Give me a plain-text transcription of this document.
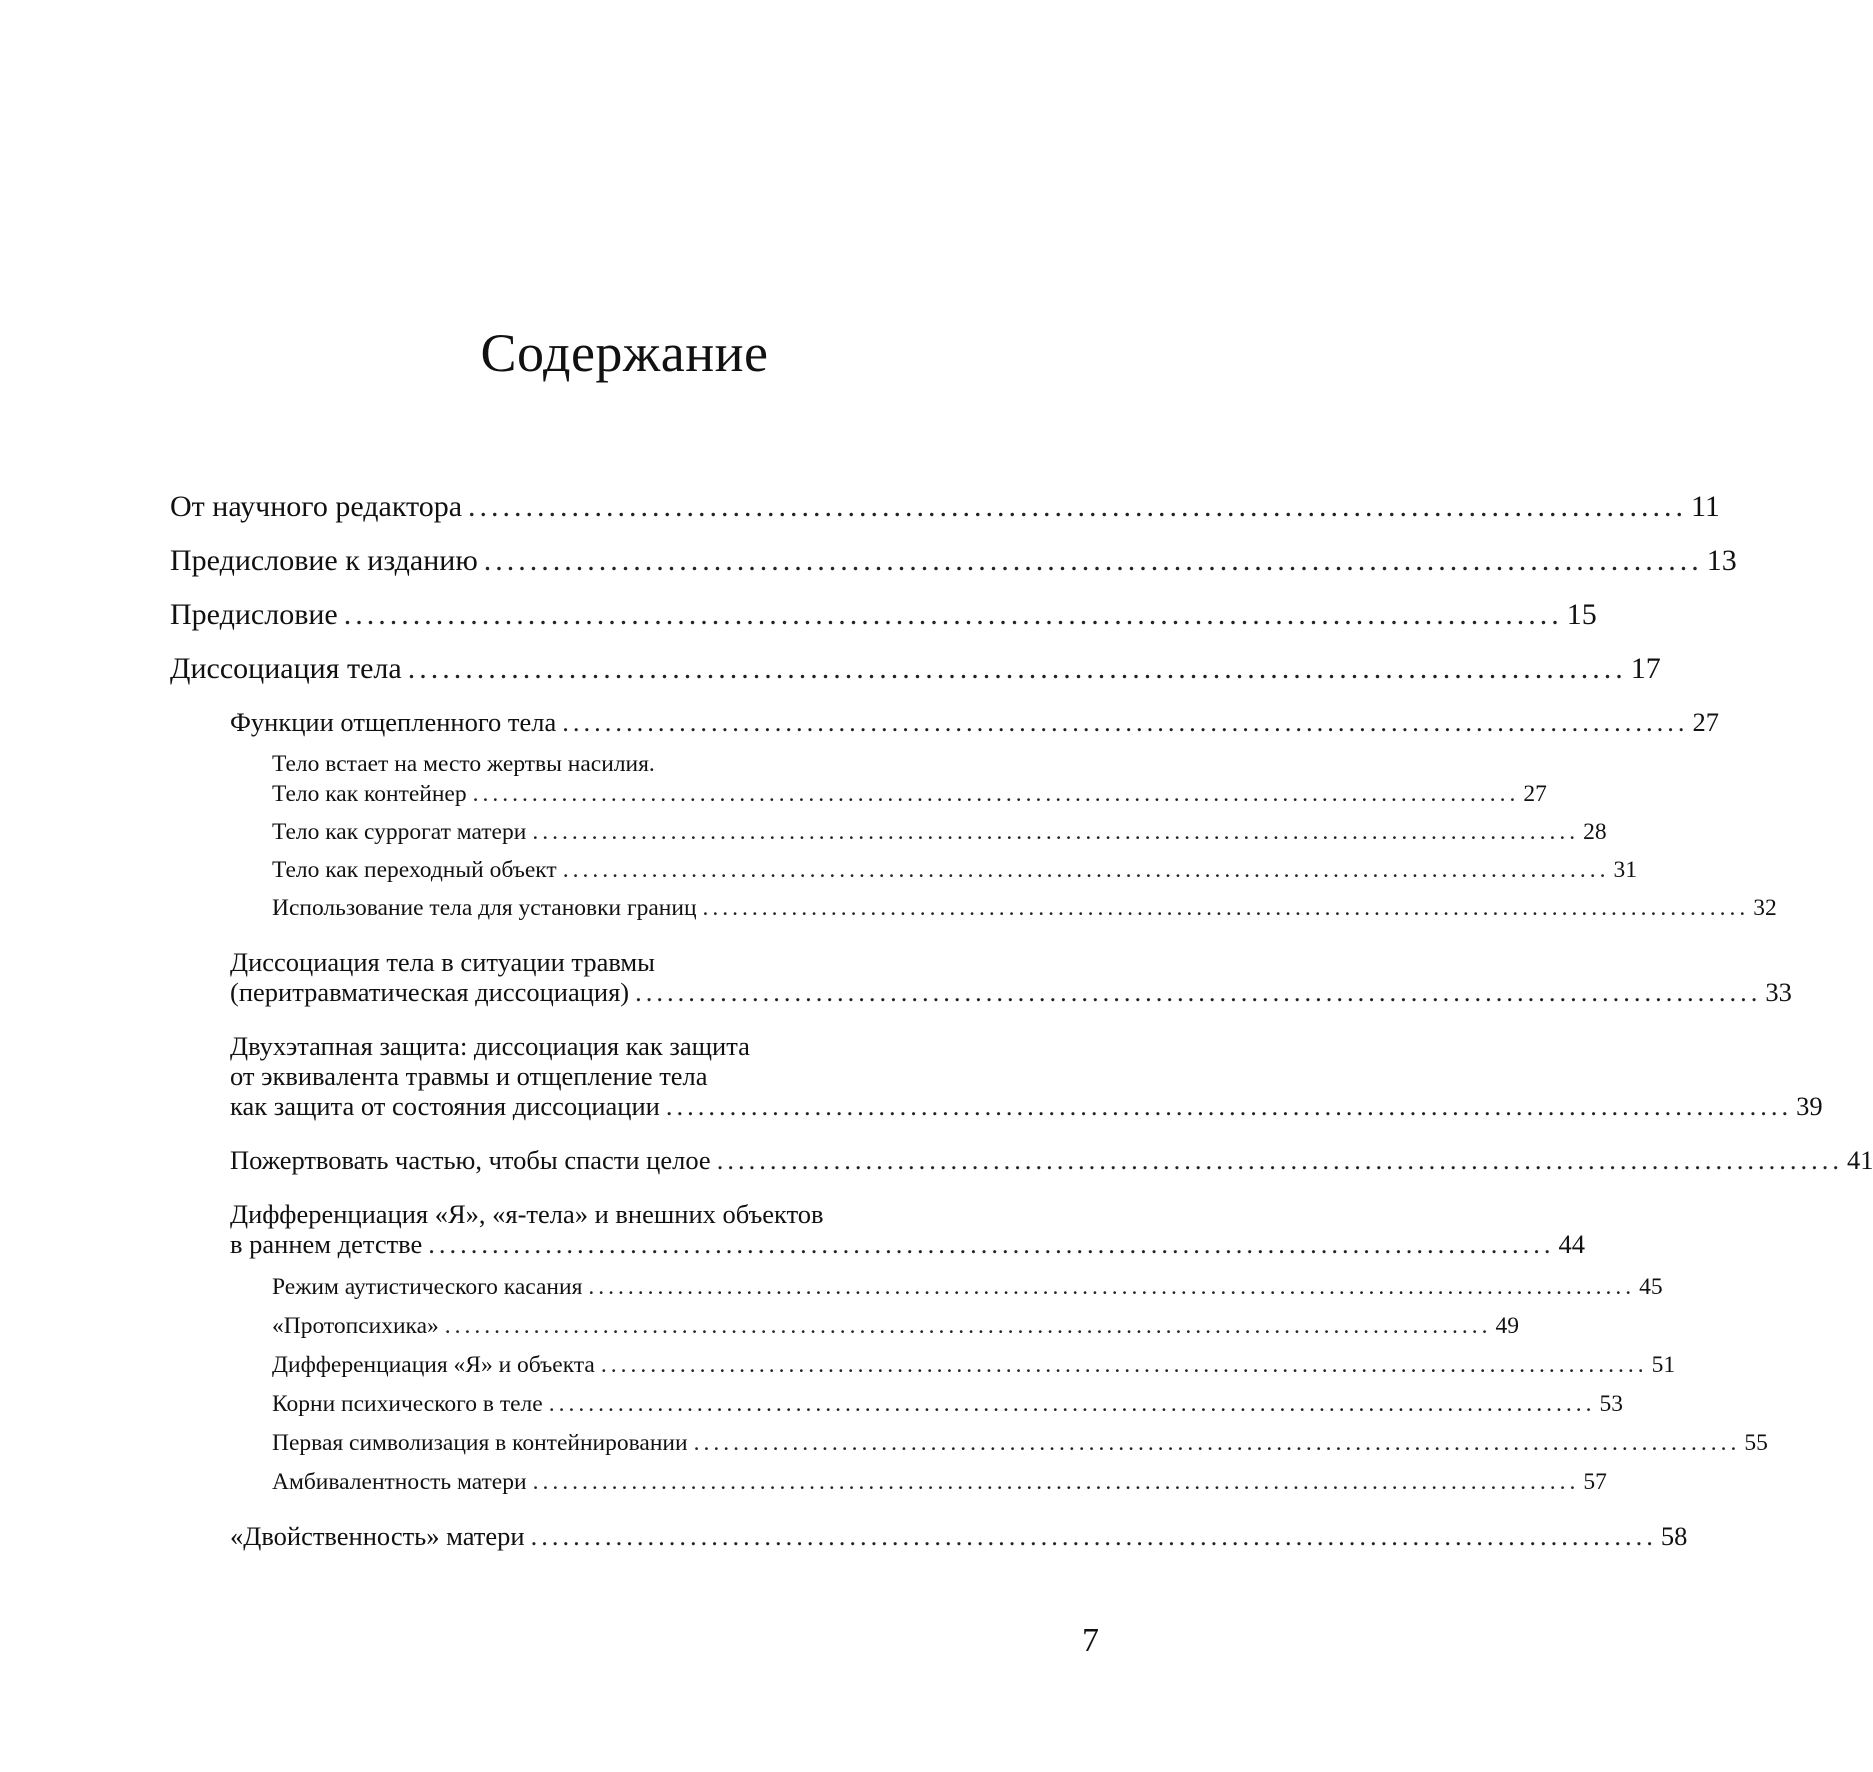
Содержание
От научного редактора .......................................................................................................... 11
Предисловие к изданию .......................................................................................................... 13
Предисловие .......................................................................................................... 15
Диссоциация тела .......................................................................................................... 17
Функции отщепленного тела .......................................................................................................... 27
Тело встает на место жертвы насилия.
Тело как контейнер .......................................................................................................... 27
Тело как суррогат матери .......................................................................................................... 28
Тело как переходный объект .......................................................................................................... 31
Использование тела для установки границ .......................................................................................................... 32
Диссоциация тела в ситуации травмы
(перитравматическая диссоциация) .......................................................................................................... 33
Двухэтапная защита: диссоциация как защита
от эквивалента травмы и отщепление тела
как защита от состояния диссоциации .......................................................................................................... 39
Пожертвовать частью, чтобы спасти целое .......................................................................................................... 41
Дифференциация «Я», «я-тела» и внешних объектов
в раннем детстве .......................................................................................................... 44
Режим аутистического касания .......................................................................................................... 45
«Протопсихика» .......................................................................................................... 49
Дифференциация «Я» и объекта .......................................................................................................... 51
Корни психического в теле .......................................................................................................... 53
Первая символизация в контейнировании .......................................................................................................... 55
Амбивалентность матери .......................................................................................................... 57
«Двойственность» матери .......................................................................................................... 58
7
